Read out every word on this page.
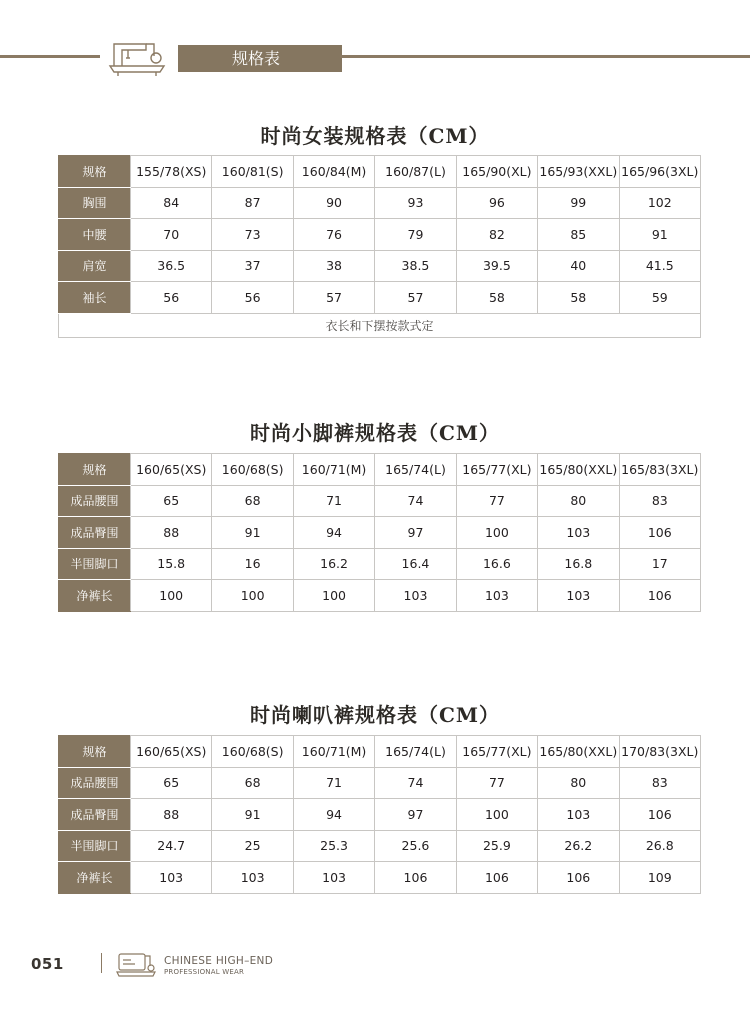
规格表
时尚女装规格表（CM）
规格	155/78(XS)	160/81(S)	160/84(M)	160/87(L)	165/90(XL)	165/93(XXL)	165/96(3XL)
胸围	84	87	90	93	96	99	102
中腰	70	73	76	79	82	85	91
肩宽	36.5	37	38	38.5	39.5	40	41.5
袖长	56	56	57	57	58	58	59
衣长和下摆按款式定							
时尚小脚裤规格表（CM）
规格	160/65(XS)	160/68(S)	160/71(M)	165/74(L)	165/77(XL)	165/80(XXL)	165/83(3XL)
成品腰围	65	68	71	74	77	80	83
成品臀围	88	91	94	97	100	103	106
半围脚口	15.8	16	16.2	16.4	16.6	16.8	17
净裤长	100	100	100	103	103	103	106
时尚喇叭裤规格表（CM）
规格	160/65(XS)	160/68(S)	160/71(M)	165/74(L)	165/77(XL)	165/80(XXL)	170/83(3XL)
成品腰围	65	68	71	74	77	80	83
成品臀围	88	91	94	97	100	103	106
半围脚口	24.7	25	25.3	25.6	25.9	26.2	26.8
净裤长	103	103	103	106	106	106	109
051	CHINESE HIGH–END
PROFESSIONAL WEAR
